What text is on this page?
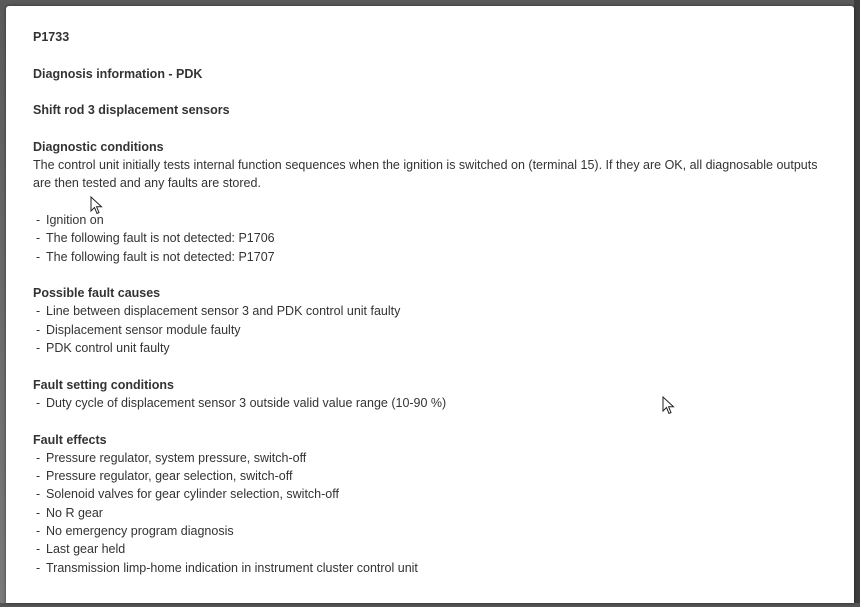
P1733
Diagnosis information - PDK
Shift rod 3 displacement sensors
Diagnostic conditions

The control unit initially tests internal function sequences when the ignition is switched on (terminal 15). If they are OK, all diagnosable outputs are then tested and any faults are stored.

- Ignition on
- The following fault is not detected: P1706
- The following fault is not detected: P1707
Possible fault causes
- Line between displacement sensor 3 and PDK control unit faulty
- Displacement sensor module faulty
- PDK control unit faulty
Fault setting conditions
- Duty cycle of displacement sensor 3 outside valid value range (10-90 %)
Fault effects
- Pressure regulator, system pressure, switch-off
- Pressure regulator, gear selection, switch-off
- Solenoid valves for gear cylinder selection, switch-off
- No R gear
- No emergency program diagnosis
- Last gear held
- Transmission limp-home indication in instrument cluster control unit
